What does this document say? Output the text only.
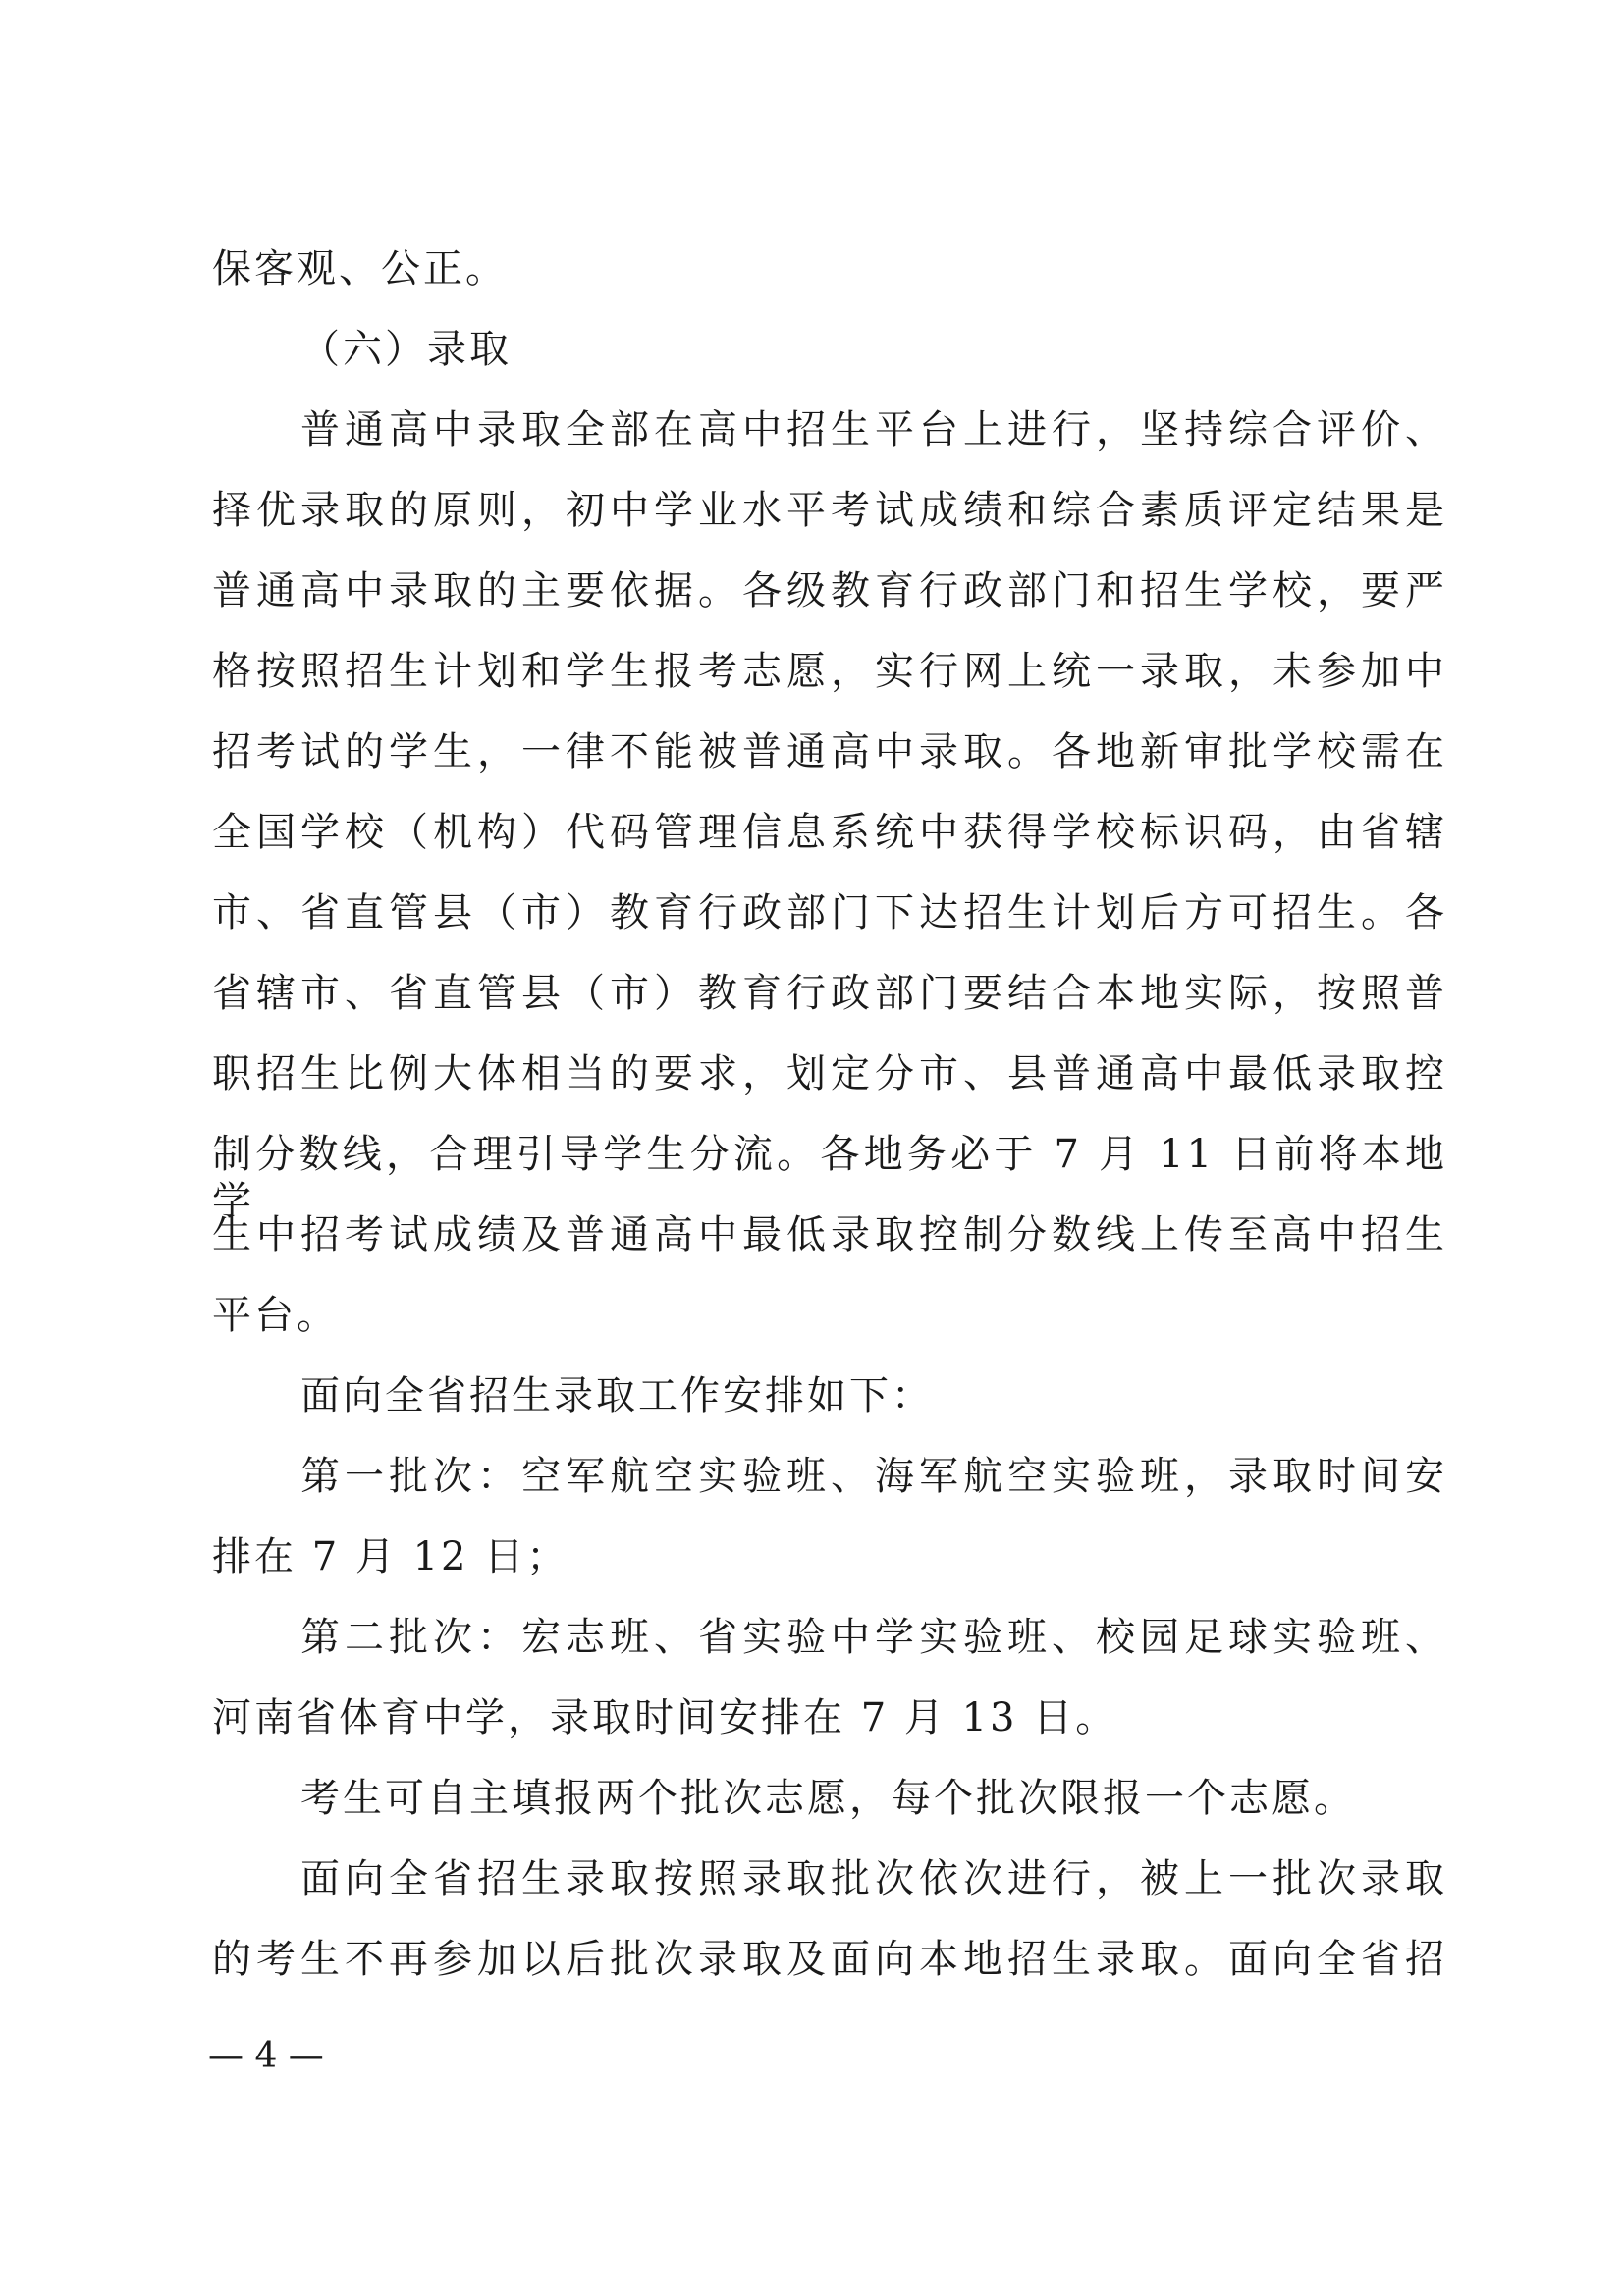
保客观、公正。
（六）录取
普通高中录取全部在高中招生平台上进行，坚持综合评价、
择优录取的原则，初中学业水平考试成绩和综合素质评定结果是
普通高中录取的主要依据。各级教育行政部门和招生学校，要严
格按照招生计划和学生报考志愿，实行网上统一录取，未参加中
招考试的学生，一律不能被普通高中录取。各地新审批学校需在
全国学校（机构）代码管理信息系统中获得学校标识码，由省辖
市、省直管县（市）教育行政部门下达招生计划后方可招生。各
省辖市、省直管县（市）教育行政部门要结合本地实际，按照普
职招生比例大体相当的要求，划定分市、县普通高中最低录取控
制分数线，合理引导学生分流。各地务必于 7 月 11 日前将本地学
生中招考试成绩及普通高中最低录取控制分数线上传至高中招生
平台。
面向全省招生录取工作安排如下：
第一批次：空军航空实验班、海军航空实验班，录取时间安
排在 7 月 12 日；
第二批次：宏志班、省实验中学实验班、校园足球实验班、
河南省体育中学，录取时间安排在 7 月 13 日。
考生可自主填报两个批次志愿，每个批次限报一个志愿。
面向全省招生录取按照录取批次依次进行，被上一批次录取
的考生不再参加以后批次录取及面向本地招生录取。面向全省招
— 4 —
